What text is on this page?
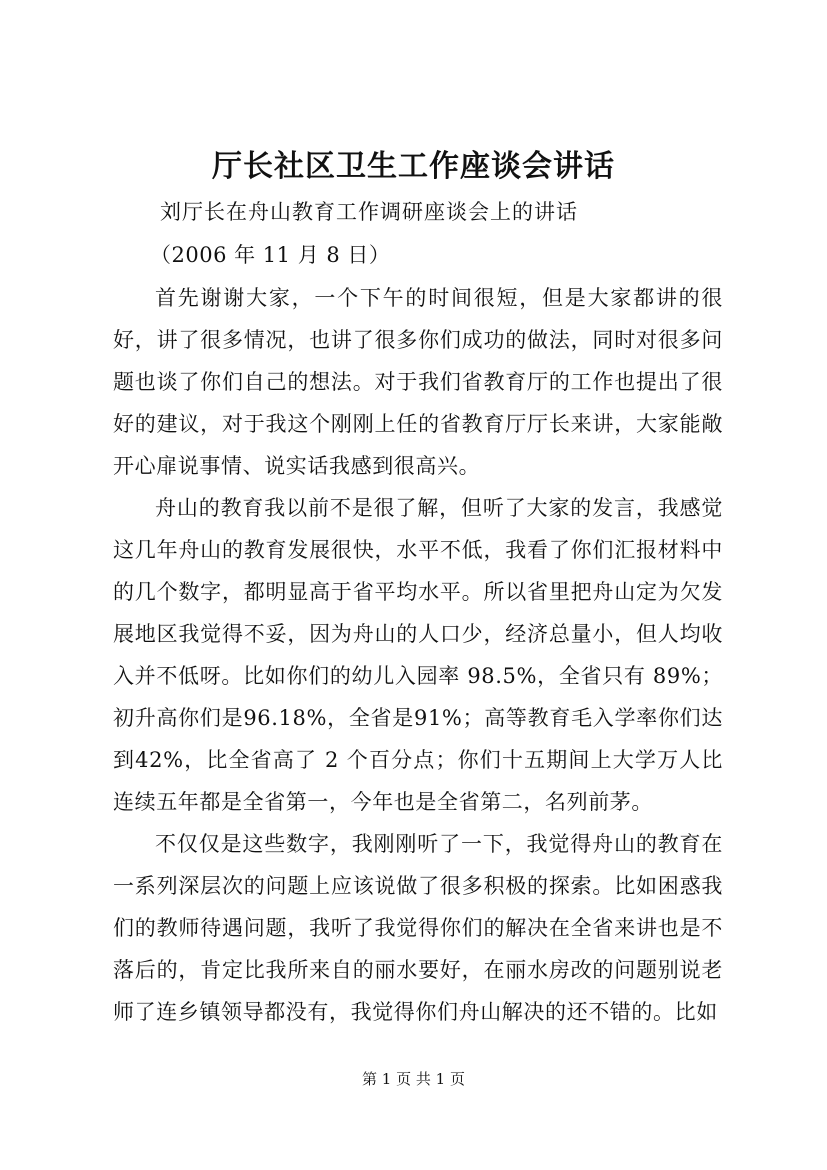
厅长社区卫生工作座谈会讲话

刘厅长在舟山教育工作调研座谈会上的讲话

（2006 年 11 月 8 日）

首先谢谢大家，一个下午的时间很短，但是大家都讲的很好，讲了很多情况，也讲了很多你们成功的做法，同时对很多问题也谈了你们自己的想法。对于我们省教育厅的工作也提出了很好的建议，对于我这个刚刚上任的省教育厅厅长来讲，大家能敞开心扉说事情、说实话我感到很高兴。

舟山的教育我以前不是很了解，但听了大家的发言，我感觉这几年舟山的教育发展很快，水平不低，我看了你们汇报材料中的几个数字，都明显高于省平均水平。所以省里把舟山定为欠发展地区我觉得不妥，因为舟山的人口少，经济总量小，但人均收入并不低呀。比如你们的幼儿入园率 98.5%，全省只有 89%；初升高你们是96.18%，全省是91%；高等教育毛入学率你们达到42%，比全省高了 2 个百分点；你们十五期间上大学万人比连续五年都是全省第一，今年也是全省第二，名列前茅。

不仅仅是这些数字，我刚刚听了一下，我觉得舟山的教育在一系列深层次的问题上应该说做了很多积极的探索。比如困惑我们的教师待遇问题，我听了我觉得你们的解决在全省来讲也是不落后的，肯定比我所来自的丽水要好，在丽水房改的问题别说老师了连乡镇领导都没有，我觉得你们舟山解决的还不错的。比如

第 1 页 共 1 页
